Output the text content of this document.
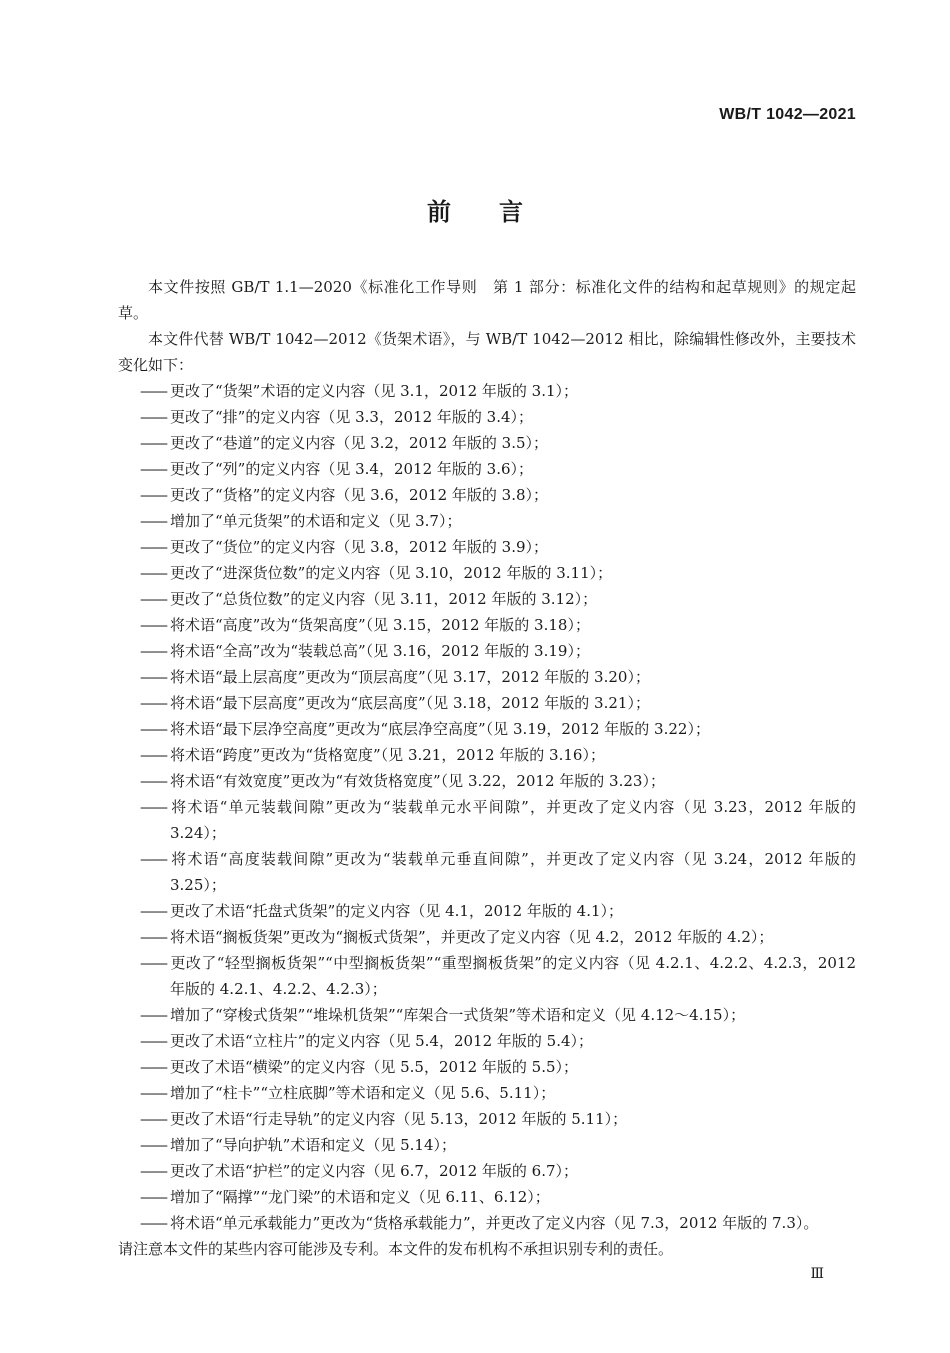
WB/T 1042—2021
前 言
本文件按照 GB/T 1.1—2020《标准化工作导则　第 1 部分：标准化文件的结构和起草规则》的规定起草。
本文件代替 WB/T 1042—2012《货架术语》，与 WB/T 1042—2012 相比，除编辑性修改外，主要技术变化如下：
—— 更改了“货架”术语的定义内容（见 3.1，2012 年版的 3.1）；
—— 更改了“排”的定义内容（见 3.3，2012 年版的 3.4）；
—— 更改了“巷道”的定义内容（见 3.2，2012 年版的 3.5）；
—— 更改了“列”的定义内容（见 3.4，2012 年版的 3.6）；
—— 更改了“货格”的定义内容（见 3.6，2012 年版的 3.8）；
—— 增加了“单元货架”的术语和定义（见 3.7）；
—— 更改了“货位”的定义内容（见 3.8，2012 年版的 3.9）；
—— 更改了“进深货位数”的定义内容（见 3.10，2012 年版的 3.11）；
—— 更改了“总货位数”的定义内容（见 3.11，2012 年版的 3.12）；
—— 将术语“高度”改为“货架高度”（见 3.15，2012 年版的 3.18）；
—— 将术语“全高”改为“装载总高”（见 3.16，2012 年版的 3.19）；
—— 将术语“最上层高度”更改为“顶层高度”（见 3.17，2012 年版的 3.20）；
—— 将术语“最下层高度”更改为“底层高度”（见 3.18，2012 年版的 3.21）；
—— 将术语“最下层净空高度”更改为“底层净空高度”（见 3.19，2012 年版的 3.22）；
—— 将术语“跨度”更改为“货格宽度”（见 3.21，2012 年版的 3.16）；
—— 将术语“有效宽度”更改为“有效货格宽度”（见 3.22，2012 年版的 3.23）；
—— 将术语“单元装载间隙”更改为“装载单元水平间隙”，并更改了定义内容（见 3.23，2012 年版的 3.24）；
—— 将术语“高度装载间隙”更改为“装载单元垂直间隙”，并更改了定义内容（见 3.24，2012 年版的 3.25）；
—— 更改了术语“托盘式货架”的定义内容（见 4.1，2012 年版的 4.1）；
—— 将术语“搁板货架”更改为“搁板式货架”，并更改了定义内容（见 4.2，2012 年版的 4.2）；
—— 更改了“轻型搁板货架”“中型搁板货架”“重型搁板货架”的定义内容（见 4.2.1、4.2.2、4.2.3，2012 年版的 4.2.1、4.2.2、4.2.3）；
—— 增加了“穿梭式货架”“堆垛机货架”“库架合一式货架”等术语和定义（见 4.12～4.15）；
—— 更改了术语“立柱片”的定义内容（见 5.4，2012 年版的 5.4）；
—— 更改了术语“横梁”的定义内容（见 5.5，2012 年版的 5.5）；
—— 增加了“柱卡”“立柱底脚”等术语和定义（见 5.6、5.11）；
—— 更改了术语“行走导轨”的定义内容（见 5.13，2012 年版的 5.11）；
—— 增加了“导向护轨”术语和定义（见 5.14）；
—— 更改了术语“护栏”的定义内容（见 6.7，2012 年版的 6.7）；
—— 增加了“隔撑”“龙门梁”的术语和定义（见 6.11、6.12）；
—— 将术语“单元承载能力”更改为“货格承载能力”，并更改了定义内容（见 7.3，2012 年版的 7.3）。
请注意本文件的某些内容可能涉及专利。本文件的发布机构不承担识别专利的责任。
Ⅲ
